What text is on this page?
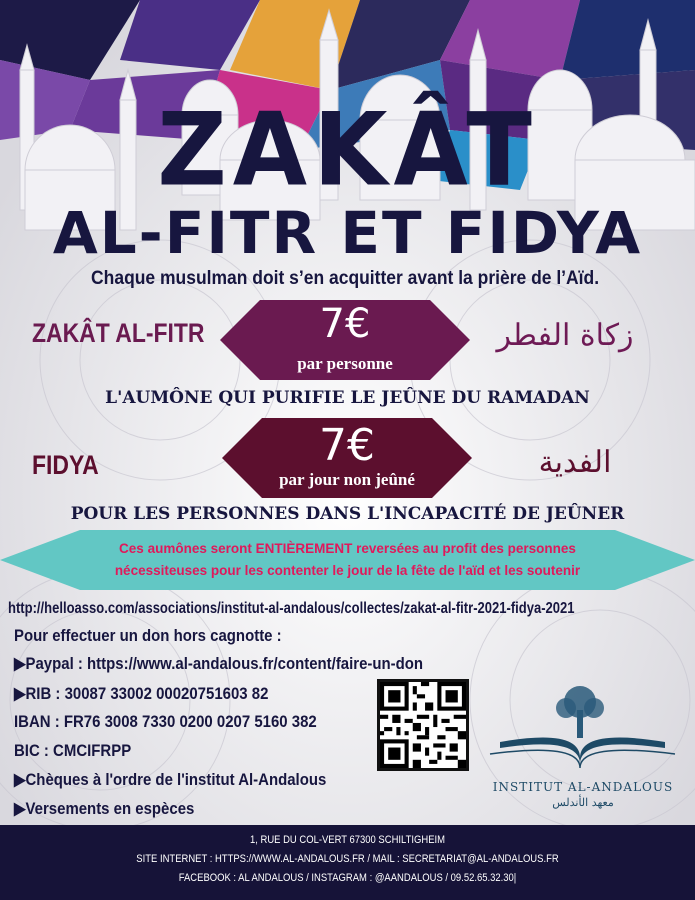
ZAKÂT
AL-FITR ET FIDYA
Chaque musulman doit s’en acquitter avant la prière de l’Aïd.
ZAKÂT AL-FITR	زكاة الفطر
7€
par personne
L'AUMÔNE QUI PURIFIE LE JEÛNE DU RAMADAN
FIDYA	الفدية
7€
par jour non jeûné
POUR LES PERSONNES DANS L'INCAPACITÉ DE JEÛNER
Ces aumônes seront ENTIÈREMENT reversées au profit des personnes
nécessiteuses pour les contenter le jour de la fête de l'aïd et les soutenir
http://helloasso.com/associations/institut-al-andalous/collectes/zakat-al-fitr-2021-fidya-2021
Pour effectuer un don hors cagnotte :
▶Paypal : https://www.al-andalous.fr/content/faire-un-don
▶RIB : 30087 33002 00020751603 82
IBAN : FR76 3008 7330 0200 0207 5160 382
BIC : CMCIFRPP
▶Chèques à l'ordre de l'institut Al-Andalous
▶Versements en espèces
INSTITUT AL-ANDALOUS
معهد الأندلس
1, RUE DU COL-VERT 67300 SCHILTIGHEIM
SITE INTERNET : HTTPS://WWW.AL-ANDALOUS.FR / MAIL : SECRETARIAT@AL-ANDALOUS.FR
FACEBOOK : AL ANDALOUS / INSTAGRAM : @AANDALOUS / 09.52.65.32.30|
